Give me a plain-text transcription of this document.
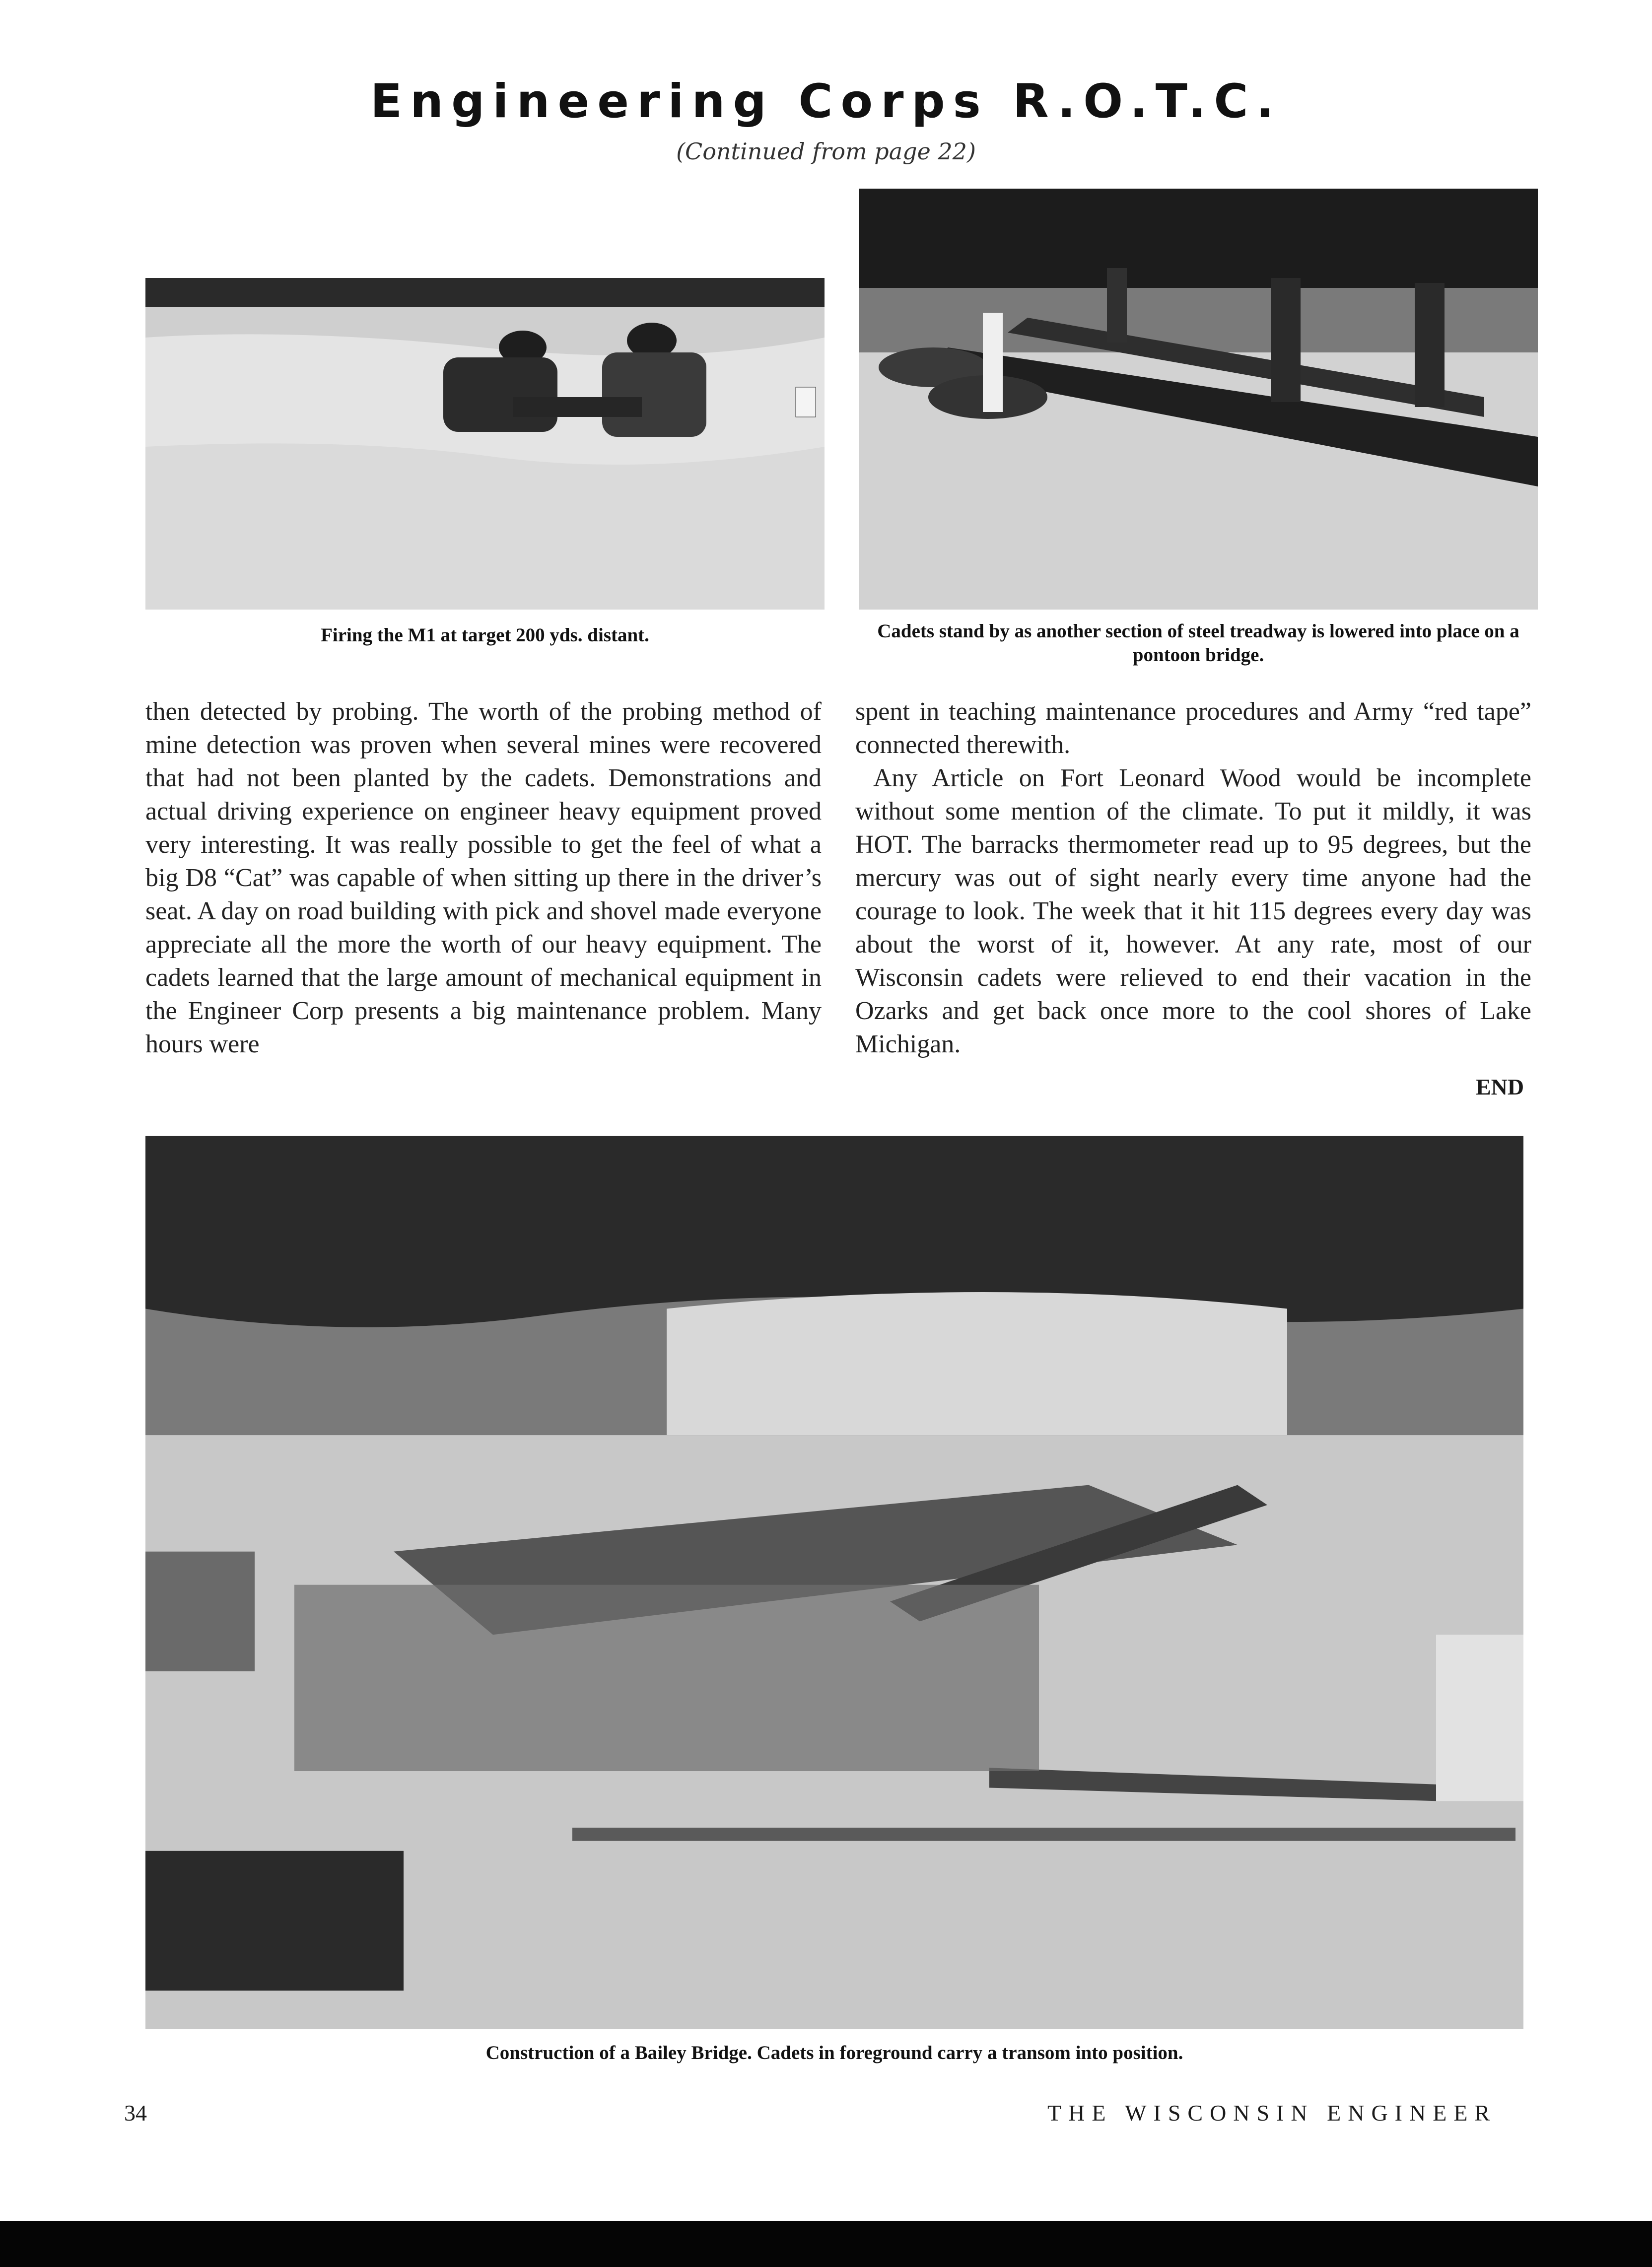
Engineering Corps R.O.T.C.
(Continued from page 22)
Firing the M1 at target 200 yds. distant.	Cadets stand by as another section of steel treadway is lowered into place on a pontoon bridge.

then detected by probing. The worth of the probing method of mine detection was proven when several mines were recovered that had not been planted by the cadets. Demonstrations and actual driving experience on engineer heavy equipment proved very interesting. It was really possible to get the feel of what a big D8 “Cat” was capable of when sitting up there in the driver’s seat. A day on road building with pick and shovel made everyone appreciate all the more the worth of our heavy equipment. The cadets learned that the large amount of mechanical equipment in the Engineer Corp presents a big maintenance problem. Many hours were

spent in teaching maintenance procedures and Army “red tape” connected therewith.

Any Article on Fort Leonard Wood would be incomplete without some mention of the climate. To put it mildly, it was HOT. The barracks thermometer read up to 95 degrees, but the mercury was out of sight nearly every time anyone had the courage to look. The week that it hit 115 degrees every day was about the worst of it, however. At any rate, most of our Wisconsin cadets were relieved to end their vacation in the Ozarks and get back once more to the cool shores of Lake Michigan.

END
Construction of a Bailey Bridge. Cadets in foreground carry a transom into position.
34	THE WISCONSIN ENGINEER
